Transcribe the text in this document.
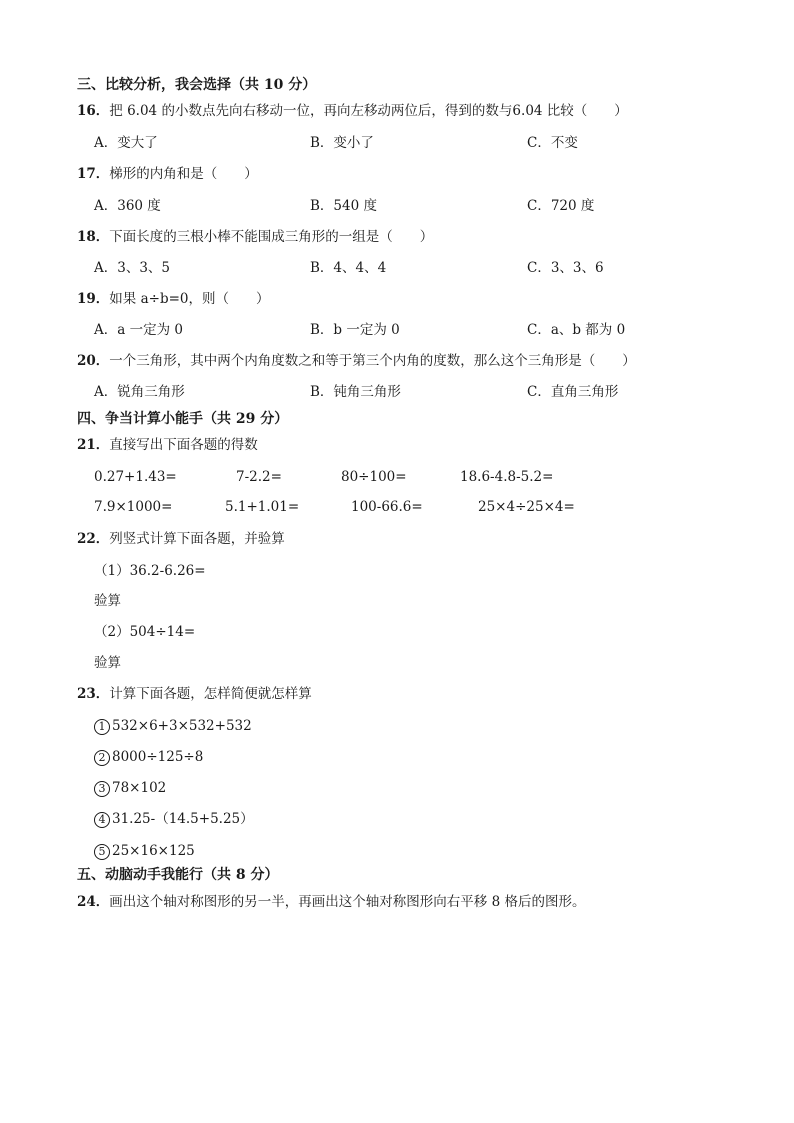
三、比较分析，我会选择（共 10 分）
16．把 6.04 的小数点先向右移动一位，再向左移动两位后，得到的数与6.04 比较（　　）
A．变大了	B．变小了	C．不变
17．梯形的内角和是（　　）
A．360 度	B．540 度	C．720 度
18．下面长度的三根小棒不能围成三角形的一组是（　　）
A．3、3、5	B．4、4、4	C．3、3、6
19．如果 a÷b=0，则（　　）
A．a 一定为 0	B．b 一定为 0	C．a、b 都为 0
20．一个三角形，其中两个内角度数之和等于第三个内角的度数，那么这个三角形是（　　）
A．锐角三角形	B．钝角三角形	C．直角三角形
四、争当计算小能手（共 29 分）
21．直接写出下面各题的得数
0.27+1.43=	7-2.2=	80÷100=	18.6-4.8-5.2=
7.9×1000=	5.1+1.01=	100-66.6=	25×4÷25×4=
22．列竖式计算下面各题，并验算
（1）36.2-6.26=
验算
（2）504÷14=
验算
23．计算下面各题，怎样简便就怎样算
1 532×6+3×532+532
2 8000÷125÷8
3 78×102
4 31.25-（14.5+5.25）
5 25×16×125
五、动脑动手我能行（共 8 分）
24．画出这个轴对称图形的另一半，再画出这个轴对称图形向右平移 8 格后的图形。
